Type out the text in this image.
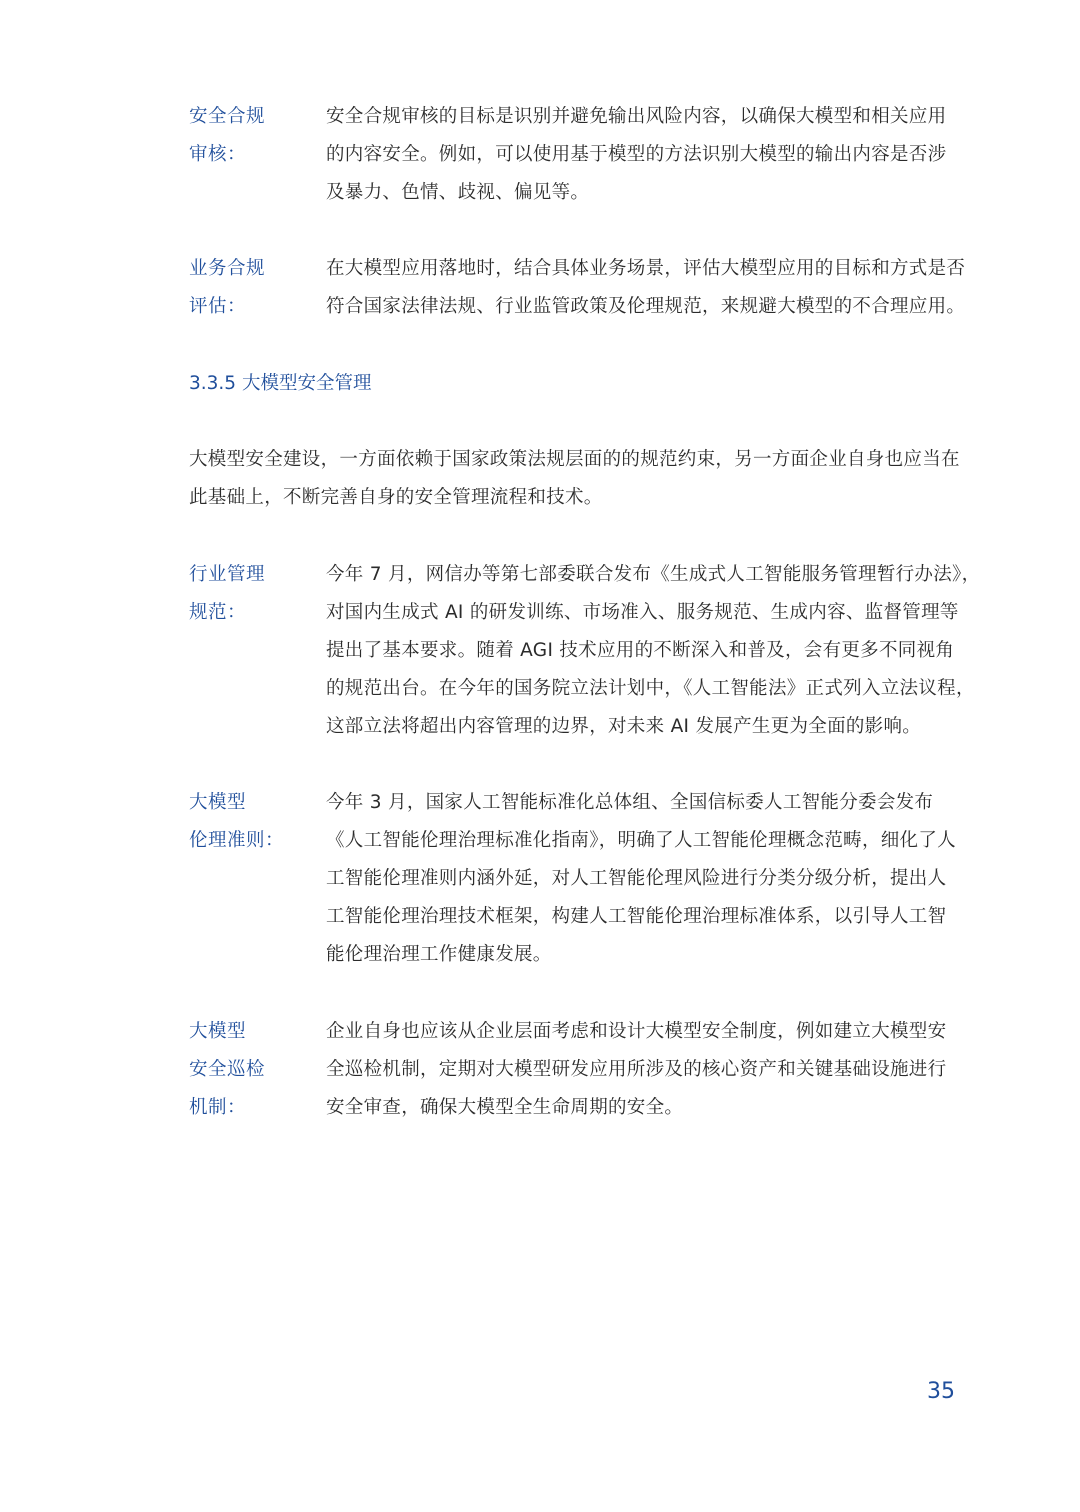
安全合规
审核：
安全合规审核的目标是识别并避免输出风险内容，以确保大模型和相关应用
的内容安全。例如，可以使用基于模型的方法识别大模型的输出内容是否涉
及暴力、色情、歧视、偏见等。
业务合规
评估：
在大模型应用落地时，结合具体业务场景，评估大模型应用的目标和方式是否
符合国家法律法规、行业监管政策及伦理规范，来规避大模型的不合理应用。
3.3.5 大模型安全管理
大模型安全建设，一方面依赖于国家政策法规层面的的规范约束，另一方面企业自身也应当在
此基础上，不断完善自身的安全管理流程和技术。
行业管理
规范：
今年 7 月，网信办等第七部委联合发布《生成式人工智能服务管理暂行办法》，
对国内生成式 AI 的研发训练、市场准入、服务规范、生成内容、监督管理等
提出了基本要求。随着 AGI 技术应用的不断深入和普及，会有更多不同视角
的规范出台。在今年的国务院立法计划中，《人工智能法》正式列入立法议程，
这部立法将超出内容管理的边界，对未来 AI 发展产生更为全面的影响。
大模型
伦理准则：
今年 3 月，国家人工智能标准化总体组、全国信标委人工智能分委会发布
《人工智能伦理治理标准化指南》，明确了人工智能伦理概念范畴，细化了人
工智能伦理准则内涵外延，对人工智能伦理风险进行分类分级分析，提出人
工智能伦理治理技术框架，构建人工智能伦理治理标准体系，以引导人工智
能伦理治理工作健康发展。
大模型
安全巡检
机制：
企业自身也应该从企业层面考虑和设计大模型安全制度，例如建立大模型安
全巡检机制，定期对大模型研发应用所涉及的核心资产和关键基础设施进行
安全审查，确保大模型全生命周期的安全。
35
